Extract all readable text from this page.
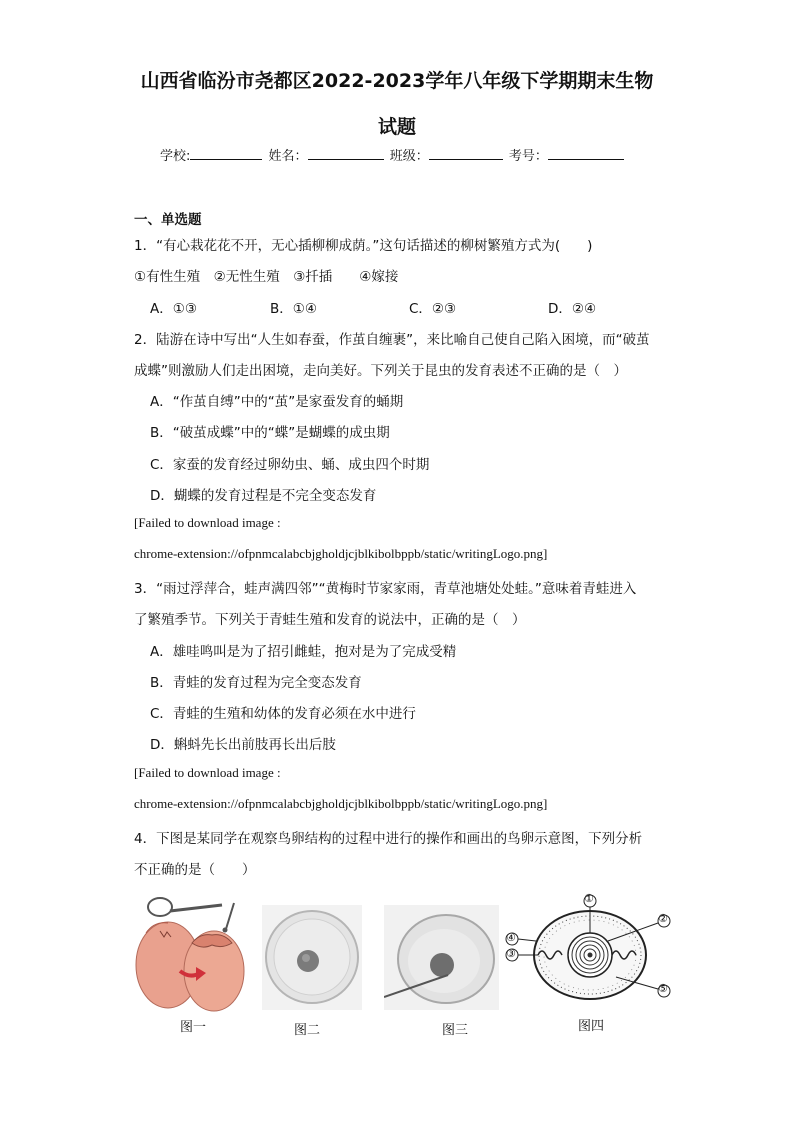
山西省临汾市尧都区2022-2023学年八年级下学期期末生物
试题
学校:	姓名：	班级：	考号：
一、单选题
1．“有心栽花花不开，无心插柳柳成荫。”这句话描述的柳树繁殖方式为(　　)
①有性生殖　②无性生殖　③扦插　　④嫁接
A．①③	B．①④	C．②③	D．②④
2．陆游在诗中写出“人生如春蚕，作茧自缠裹”，来比喻自己使自己陷入困境，而“破茧
成蝶”则激励人们走出困境，走向美好。下列关于昆虫的发育表述不正确的是（　）
A．“作茧自缚”中的“茧”是家蚕发育的蛹期
B．“破茧成蝶”中的“蝶”是蝴蝶的成虫期
C．家蚕的发育经过卵幼虫、蛹、成虫四个时期
D．蝴蝶的发育过程是不完全变态发育
[Failed to download image :
chrome-extension://ofpnmcalabcbjgholdjcjblkibolbppb/static/writingLogo.png]
3．“雨过浮萍合，蛙声满四邻”“黄梅时节家家雨，青草池塘处处蛙。”意味着青蛙进入
了繁殖季节。下列关于青蛙生殖和发育的说法中，正确的是（　）
A．雄哇鸣叫是为了招引雌蛙，抱对是为了完成受精
B．青蛙的发育过程为完全变态发育
C．青蛙的生殖和幼体的发育必须在水中进行
D．蝌蚪先长出前肢再长出后肢
[Failed to download image :
chrome-extension://ofpnmcalabcbjgholdjcjblkibolbppb/static/writingLogo.png]
4．下图是某同学在观察鸟卵结构的过程中进行的操作和画出的鸟卵示意图，下列分析
不正确的是（　　）
图一	图二	图三	图四
①
②
④
③
⑤
